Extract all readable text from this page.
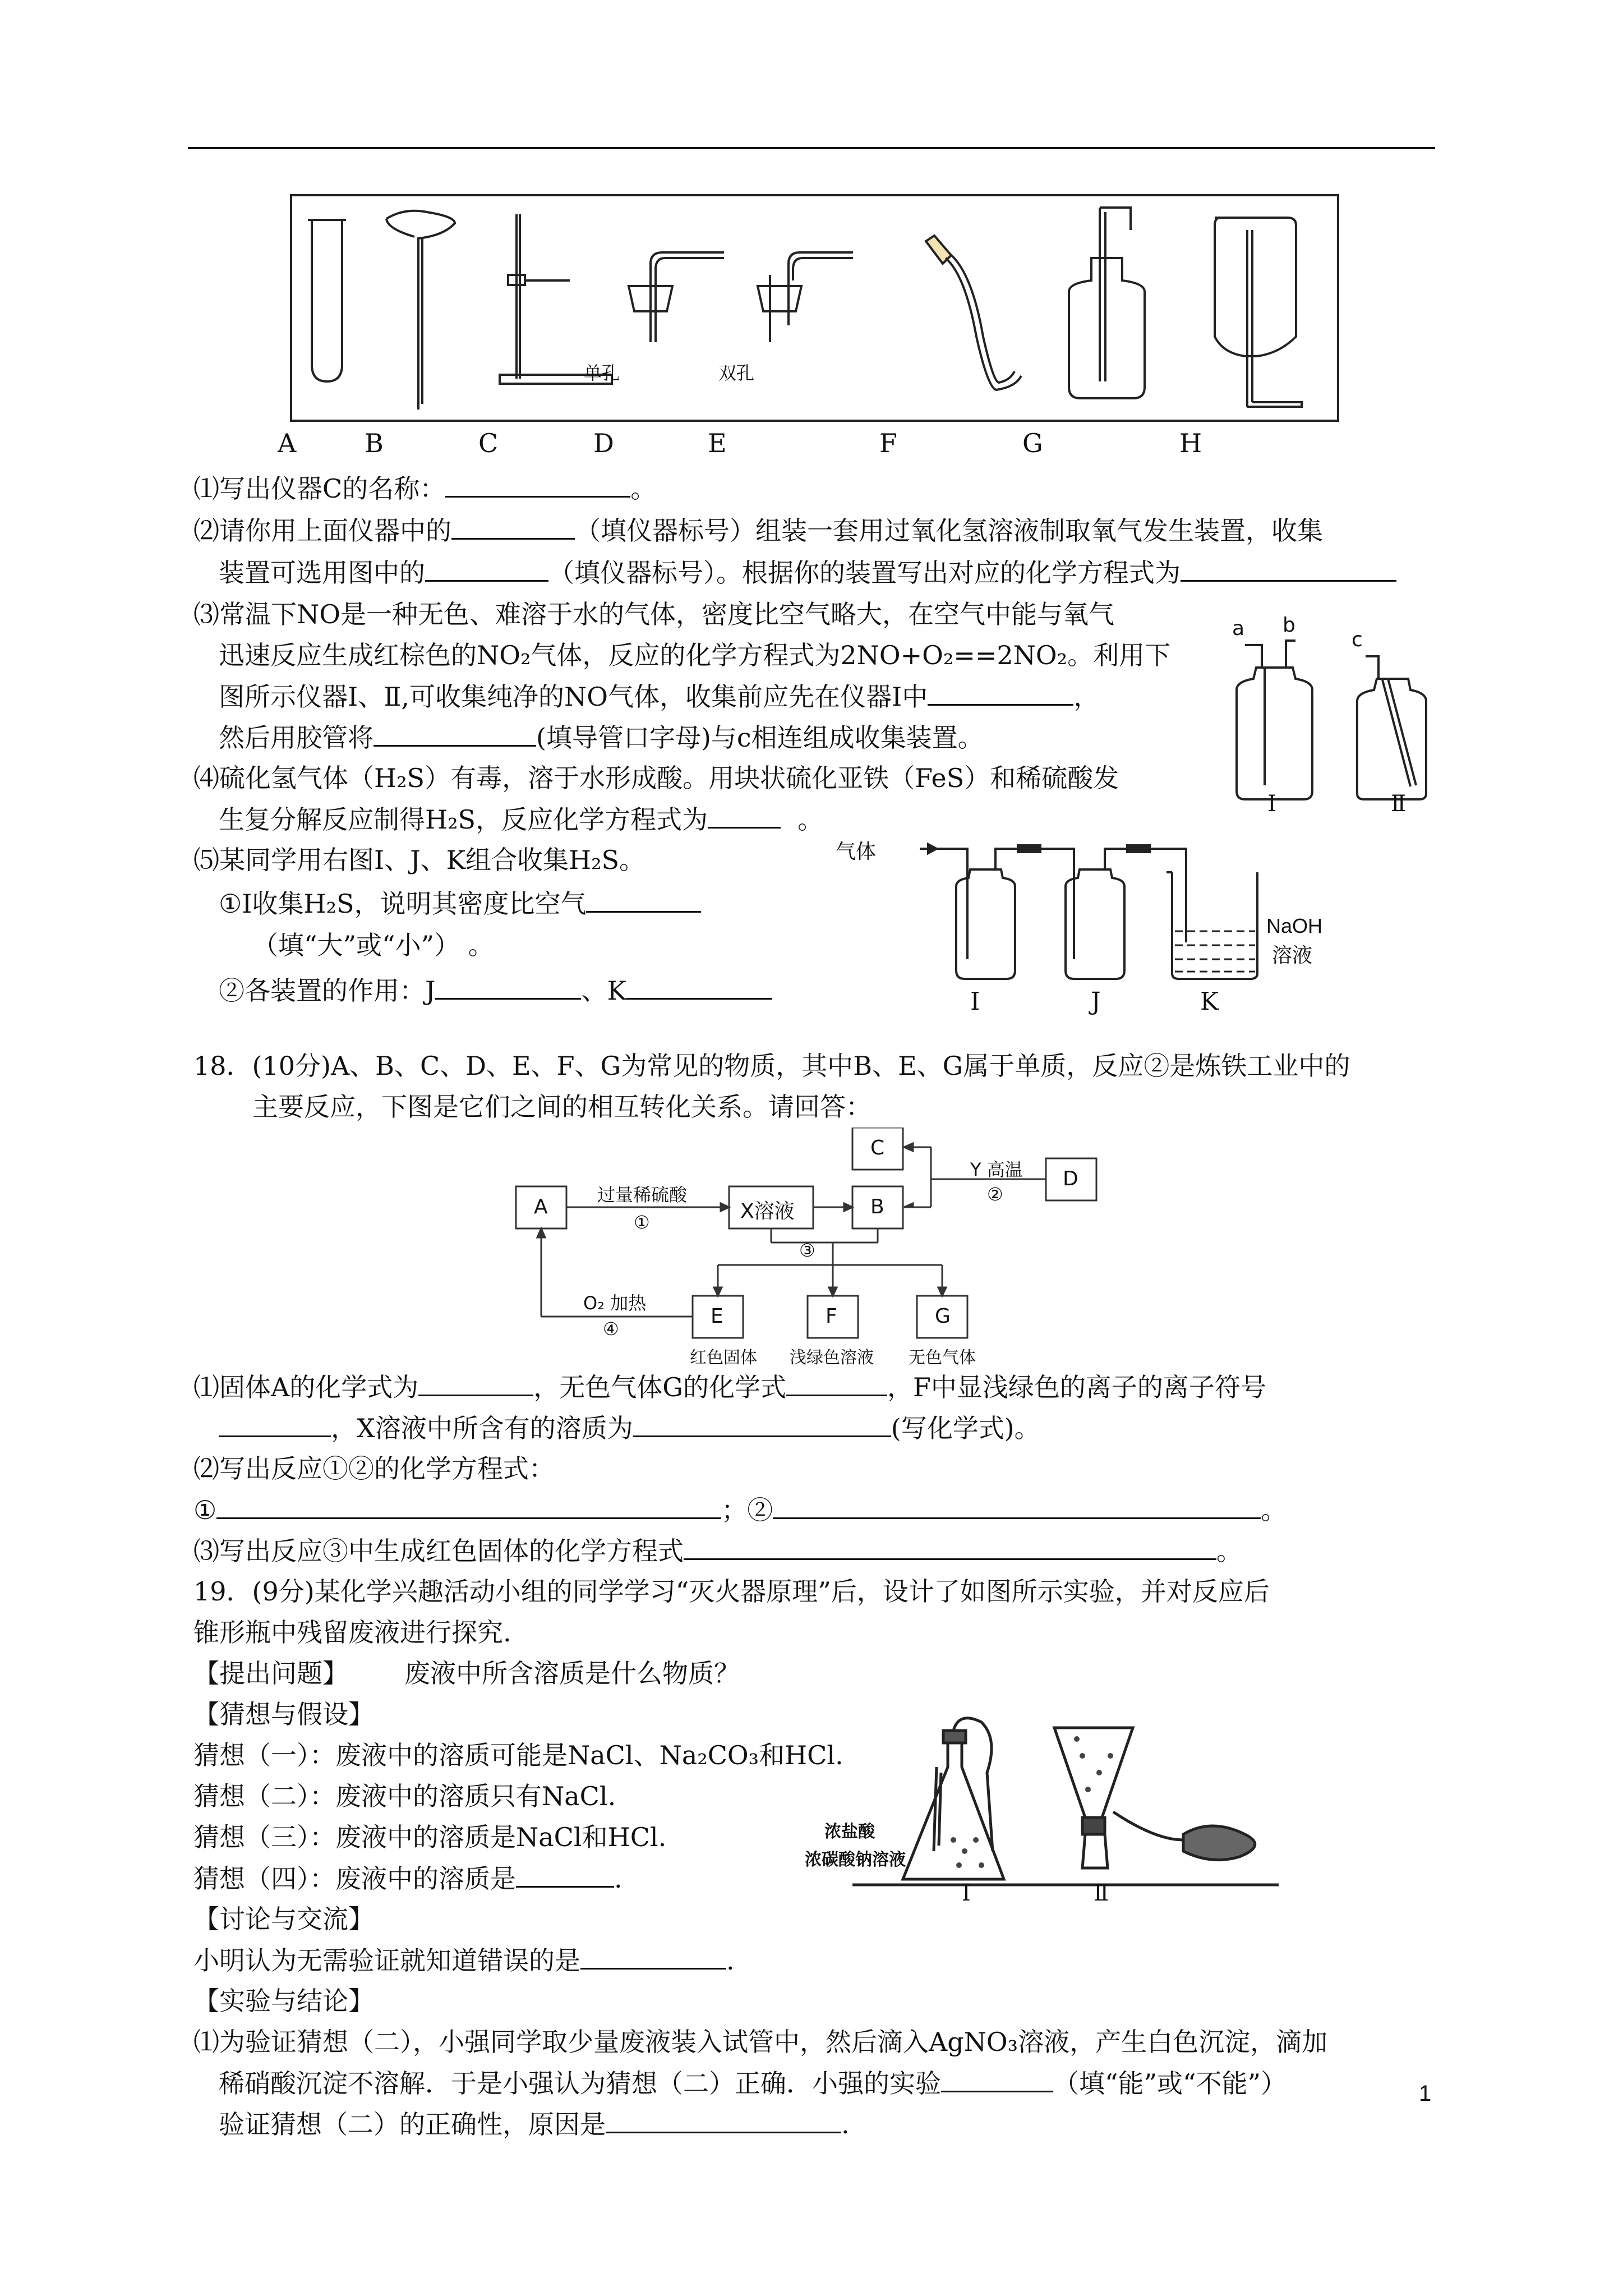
单孔	双孔
A	B	C	D	E	F	G	H
⑴写出仪器C的名称：	。
⑵请你用上面仪器中的	（填仪器标号）组装一套用过氧化氢溶液制取氧气发生装置，收集
装置可选用图中的	（填仪器标号）。根据你的装置写出对应的化学方程式为
⑶常温下NO是一种无色、难溶于水的气体，密度比空气略大，在空气中能与氧气
迅速反应生成红棕色的NO₂气体，反应的化学方程式为2NO+O₂==2NO₂。利用下
图所示仪器Ⅰ、Ⅱ,可收集纯净的NO气体，收集前应先在仪器Ⅰ中	，
然后用胶管将	(填导管口字母)与c相连组成收集装置。
a b
c
Ⅰ	Ⅱ
⑷硫化氢气体（H₂S）有毒，溶于水形成酸。用块状硫化亚铁（FeS）和稀硫酸发
生复分解反应制得H₂S，反应化学方程式为	。
⑸某同学用右图Ⅰ、J、K组合收集H₂S。
①I收集H₂S，说明其密度比空气
（填“大”或“小”） 。
②各装置的作用：J	、K
气体
NaOH
溶液
I	J	K
18．(10分)A、B、C、D、E、F、G为常见的物质，其中B、E、G属于单质，反应②是炼铁工业中的
主要反应，下图是它们之间的相互转化关系。请回答：
C
B
D
A	X溶液
E	F	G
过量稀硫酸
①
Y 高温
②
③
O₂ 加热
④
红色固体 浅绿色溶液 无色气体
⑴固体A的化学式为	，无色气体G的化学式	，F中显浅绿色的离子的离子符号
，X溶液中所含有的溶质为	(写化学式)。
⑵写出反应①②的化学方程式：
①	；②	。
⑶写出反应③中生成红色固体的化学方程式	。
19．(9分)某化学兴趣活动小组的同学学习“灭火器原理”后，设计了如图所示实验，并对反应后
锥形瓶中残留废液进行探究.
【提出问题】 废液中所含溶质是什么物质？
【猜想与假设】
猜想（一）：废液中的溶质可能是NaCl、Na₂CO₃和HCl.
猜想（二）：废液中的溶质只有NaCl.
猜想（三）：废液中的溶质是NaCl和HCl.
猜想（四）：废液中的溶质是	.
【讨论与交流】
小明认为无需验证就知道错误的是	.
【实验与结论】
⑴为验证猜想（二），小强同学取少量废液装入试管中，然后滴入AgNO₃溶液，产生白色沉淀，滴加
稀硝酸沉淀不溶解．于是小强认为猜想（二）正确．小强的实验	（填“能”或“不能”）
验证猜想（二）的正确性，原因是	.
浓盐酸
浓碳酸钠溶液
Ⅰ	Ⅱ
1
